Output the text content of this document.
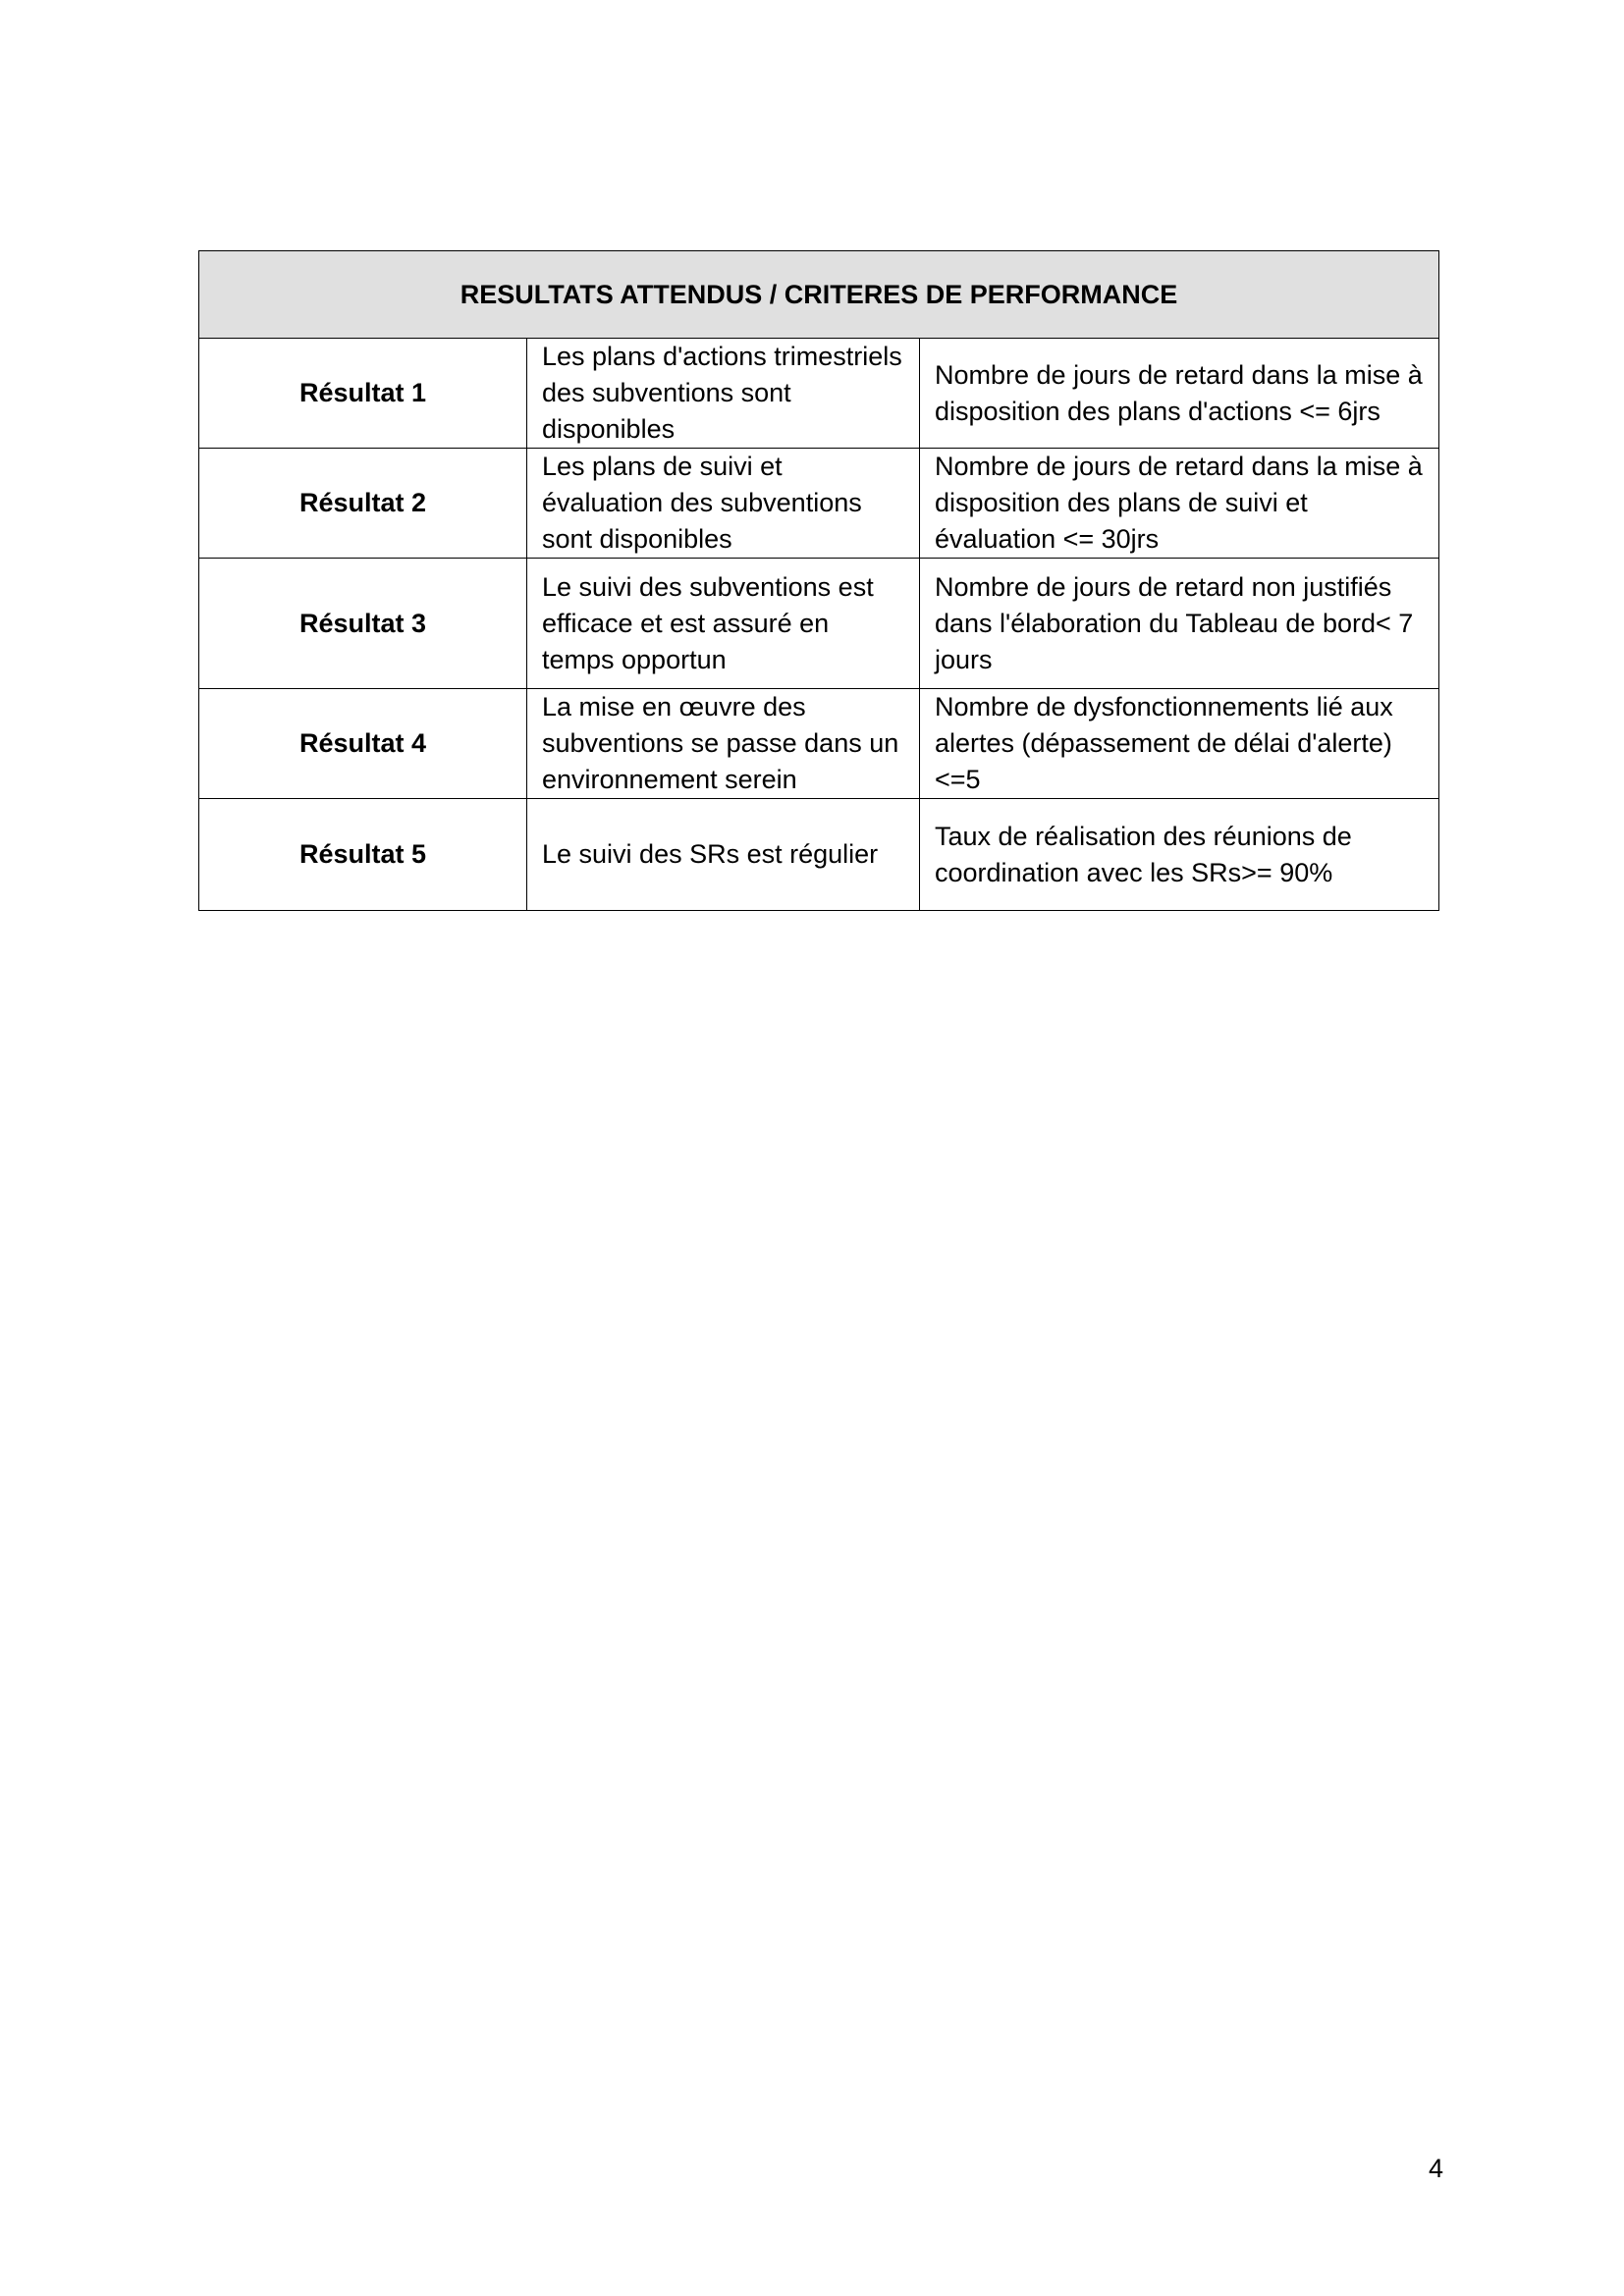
RESULTATS ATTENDUS / CRITERES DE PERFORMANCE		
Résultat 1	Les plans d'actions trimestriels des subventions sont disponibles	Nombre de jours de retard dans la mise à disposition des plans d'actions <= 6jrs
Résultat 2	Les plans de suivi et évaluation des subventions sont disponibles	Nombre de jours de retard dans la mise à disposition des plans de suivi et évaluation <= 30jrs
Résultat 3	Le suivi des subventions est efficace et est assuré en temps opportun	Nombre de jours de retard non justifiés dans l'élaboration du Tableau de bord< 7 jours
Résultat 4	La mise en œuvre des subventions se passe dans un environnement serein	Nombre de dysfonctionnements lié aux alertes (dépassement de délai d'alerte) <=5
Résultat 5	Le suivi des SRs est régulier	Taux de réalisation des réunions de coordination avec les SRs>= 90%
4
